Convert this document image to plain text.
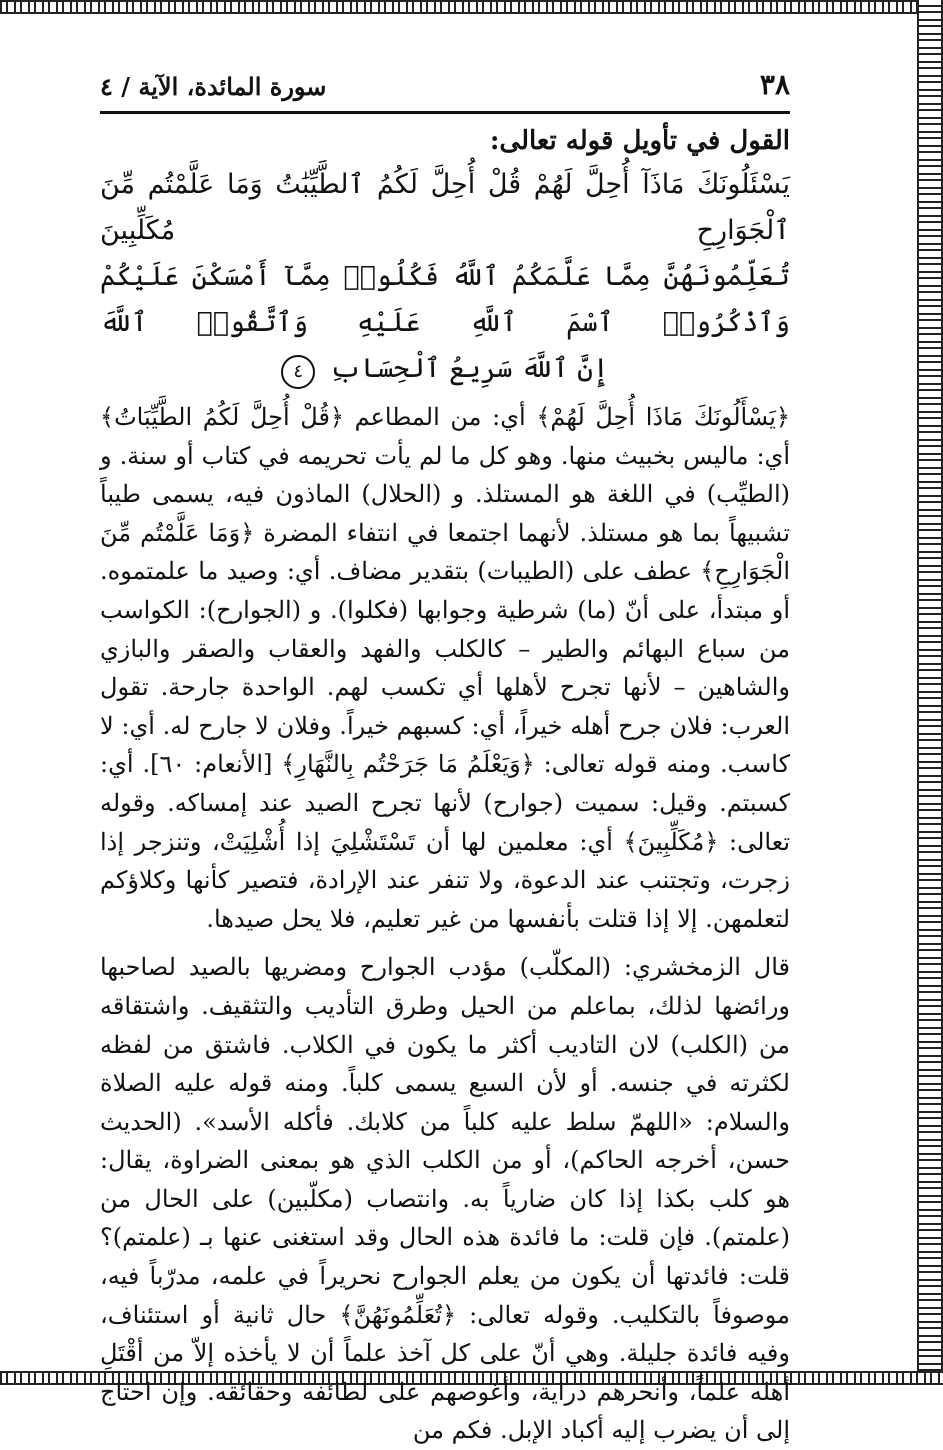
٣٨
سورة المائدة، الآية / ٤
القول في تأويل قوله تعالى:
يَسْئَلُونَكَ مَاذَآ أُحِلَّ لَهُمْ قُلْ أُحِلَّ لَكُمُ ٱلطَّيِّبَٰتُ وَمَا عَلَّمْتُم مِّنَ ٱلْجَوَارِحِ مُكَلِّبِينَ
تُعَلِّمُونَهُنَّ مِمَّا عَلَّمَكُمُ ٱللَّهُ فَكُلُوا۟ مِمَّآ أَمْسَكْنَ عَلَيْكُمْ وَٱذْكُرُوا۟ ٱسْمَ ٱللَّهِ عَلَيْهِ وَٱتَّقُوا۟ ٱللَّهَ
إِنَّ ٱللَّهَ سَرِيعُ ٱلْحِسَابِ ٤

﴿يَسْأَلُونَكَ مَاذَا أُحِلَّ لَهُمْ﴾ أي: من المطاعم ﴿قُلْ أُحِلَّ لَكُمُ الطَّيِّبَاتُ﴾ أي: ماليس بخبيث منها. وهو كل ما لم يأت تحريمه في كتاب أو سنة. و (الطيِّب) في اللغة هو المستلذ. و (الحلال) الماذون فيه، يسمى طيباً تشبيهاً بما هو مستلذ. لأنهما اجتمعا في انتفاء المضرة ﴿وَمَا عَلَّمْتُم مِّنَ الْجَوَارِحِ﴾ عطف على (الطيبات) بتقدير مضاف. أي: وصيد ما علمتموه. أو مبتدأ، على أنّ (ما) شرطية وجوابها (فكلوا). و (الجوارح): الكواسب من سباع البهائم والطير – كالكلب والفهد والعقاب والصقر والبازي والشاهين – لأنها تجرح لأهلها أي تكسب لهم. الواحدة جارحة. تقول العرب: فلان جرح أهله خيراً، أي: كسبهم خيراً. وفلان لا جارح له. أي: لا كاسب. ومنه قوله تعالى: ﴿وَيَعْلَمُ مَا جَرَحْتُم بِالنَّهَارِ﴾ [الأنعام: ٦٠]. أي: كسبتم. وقيل: سميت (جوارح) لأنها تجرح الصيد عند إمساكه. وقوله تعالى: ﴿مُكَلِّبِينَ﴾ أي: معلمين لها أن تَسْتَشْلِيَ إذا أُشْلِيَتْ، وتنزجر إذا زجرت، وتجتنب عند الدعوة، ولا تنفر عند الإرادة، فتصير كأنها وكلاؤكم لتعلمهن. إلا إذا قتلت بأنفسها من غير تعليم، فلا يحل صيدها.

قال الزمخشري: (المكلّب) مؤدب الجوارح ومضريها بالصيد لصاحبها ورائضها لذلك، بماعلم من الحيل وطرق التأديب والتثقيف. واشتقاقه من (الكلب) لان التاديب أكثر ما يكون في الكلاب. فاشتق من لفظه لكثرته في جنسه. أو لأن السبع يسمى كلباً. ومنه قوله عليه الصلاة والسلام: «اللهمّ سلط عليه كلباً من كلابك. فأكله الأسد». (الحديث حسن، أخرجه الحاكم)، أو من الكلب الذي هو بمعنى الضراوة، يقال: هو كلب بكذا إذا كان ضارياً به. وانتصاب (مكلّبين) على الحال من (علمتم). فإن قلت: ما فائدة هذه الحال وقد استغنى عنها بـ (علمتم)؟ قلت: فائدتها أن يكون من يعلم الجوارح نحريراً في علمه، مدرّباً فيه، موصوفاً بالتكليب. وقوله تعالى: ﴿تُعَلِّمُونَهُنَّ﴾ حال ثانية أو استئناف، وفيه فائدة جليلة. وهي أنّ على كل آخذ علماً أن لا يأخذه إلاّ من أقْتَلِ أهله علماً، وأنحرهم دراية، وأغوصهم على لطائفه وحقائقه. وإن احتاج إلى أن يضرب إليه أكباد الإبل. فكم من
